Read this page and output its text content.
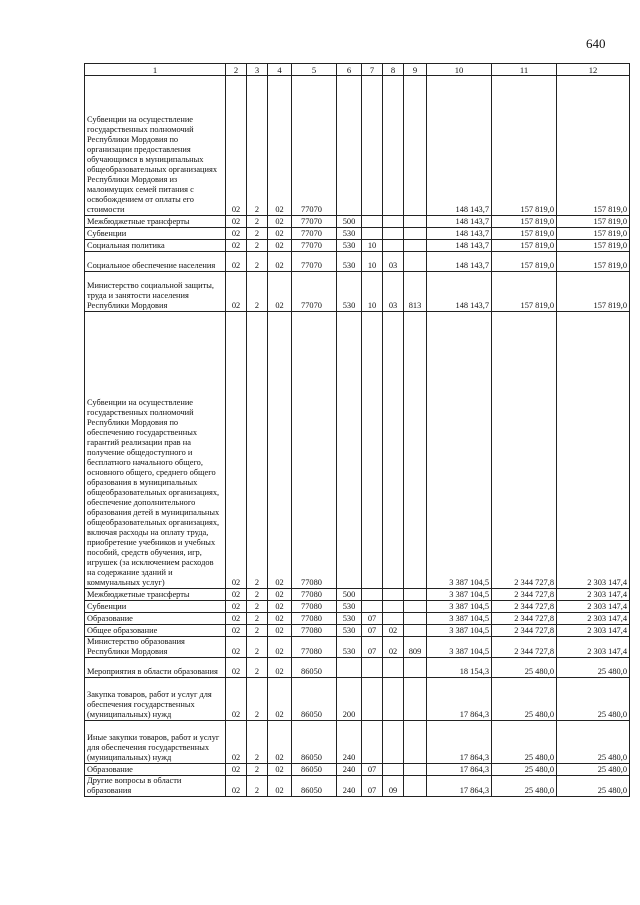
640
1	2	3	4	5	6	7	8	9	10	11	12
Субвенции на осуществление государственных полномочий Республики Мордовия по организации предоставления обучающимся в муниципальных общеобразовательных организациях Республики Мордовия из малоимущих семей питания с освобождением от оплаты его стоимости	02	2	02	77070					148 143,7	157 819,0	157 819,0
Межбюджетные трансферты	02	2	02	77070	500				148 143,7	157 819,0	157 819,0
Субвенции	02	2	02	77070	530				148 143,7	157 819,0	157 819,0
Социальная политика	02	2	02	77070	530	10			148 143,7	157 819,0	157 819,0
Социальное обеспечение населения	02	2	02	77070	530	10	03		148 143,7	157 819,0	157 819,0
Министерство социальной защиты, труда и занятости населения Республики Мордовия	02	2	02	77070	530	10	03	813	148 143,7	157 819,0	157 819,0
Субвенции на осуществление государственных полномочий Республики Мордовия по обеспечению государственных гарантий реализации прав на получение общедоступного и бесплатного начального общего, основного общего, среднего общего образования в муниципальных общеобразовательных организациях, обеспечение дополнительного образования детей в муниципальных общеобразовательных организациях, включая расходы на оплату труда, приобретение учебников и учебных пособий, средств обучения, игр, игрушек (за исключением расходов на содержание зданий и коммунальных услуг)	02	2	02	77080					3 387 104,5	2 344 727,8	2 303 147,4
Межбюджетные трансферты	02	2	02	77080	500				3 387 104,5	2 344 727,8	2 303 147,4
Субвенции	02	2	02	77080	530				3 387 104,5	2 344 727,8	2 303 147,4
Образование	02	2	02	77080	530	07			3 387 104,5	2 344 727,8	2 303 147,4
Общее образование	02	2	02	77080	530	07	02		3 387 104,5	2 344 727,8	2 303 147,4
Министерство образования Республики Мордовия	02	2	02	77080	530	07	02	809	3 387 104,5	2 344 727,8	2 303 147,4
Мероприятия в области образования	02	2	02	86050					18 154,3	25 480,0	25 480,0
Закупка товаров, работ и услуг для обеспечения государственных (муниципальных) нужд	02	2	02	86050	200				17 864,3	25 480,0	25 480,0
Иные закупки товаров, работ и услуг для обеспечения государственных (муниципальных) нужд	02	2	02	86050	240				17 864,3	25 480,0	25 480,0
Образование	02	2	02	86050	240	07			17 864,3	25 480,0	25 480,0
Другие вопросы в области образования	02	2	02	86050	240	07	09		17 864,3	25 480,0	25 480,0
